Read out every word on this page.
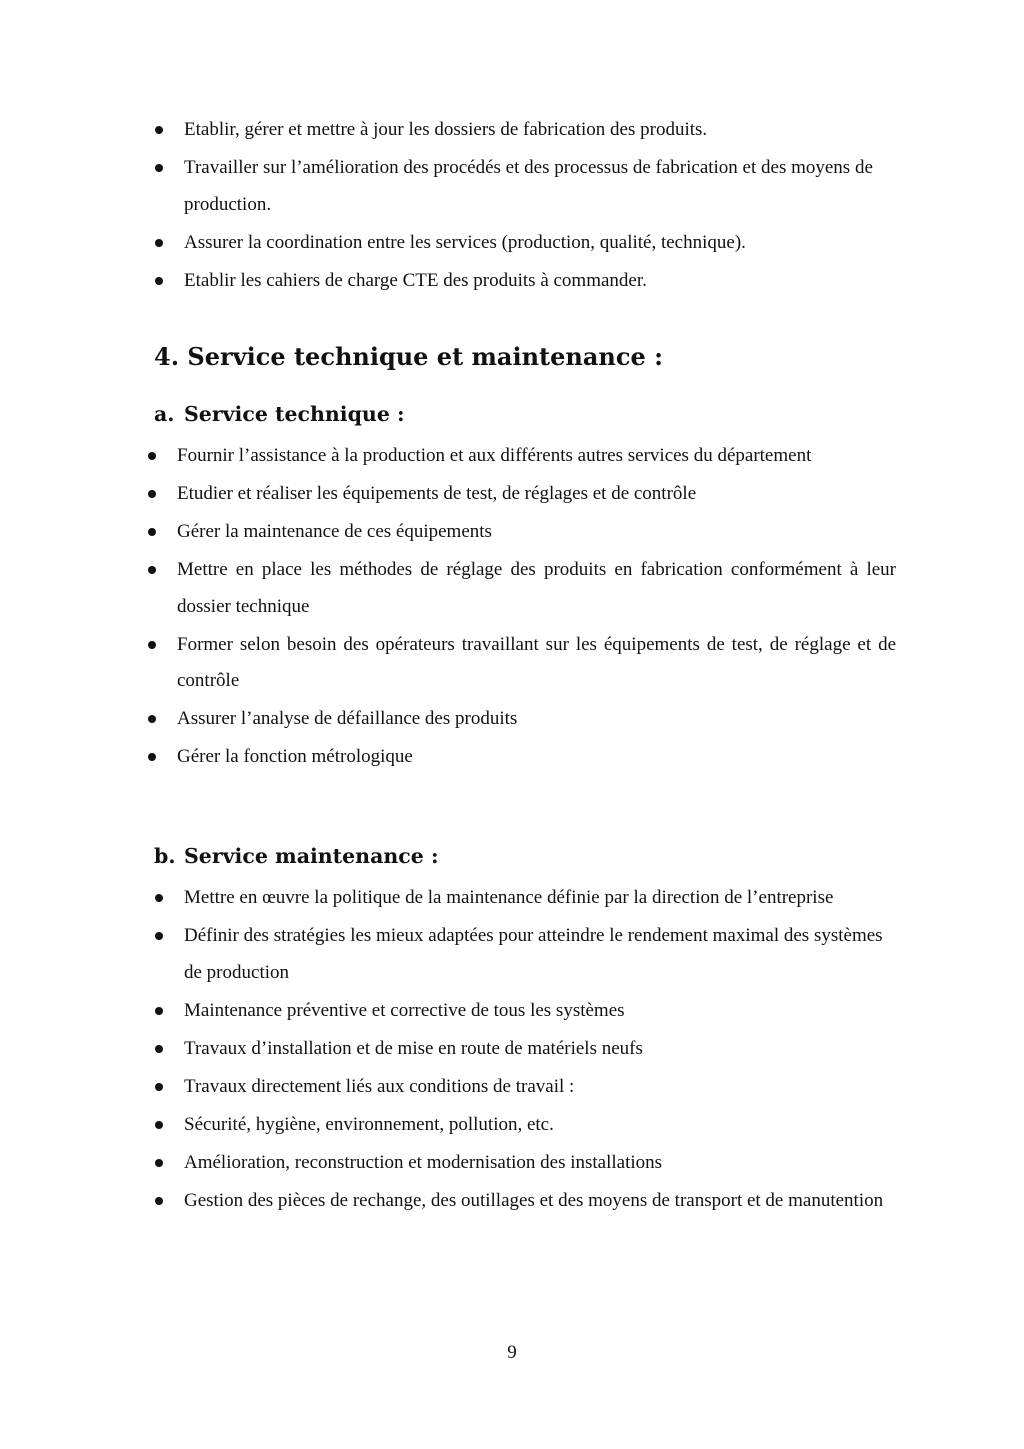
Etablir, gérer et mettre à jour les dossiers de fabrication des produits.
Travailler sur l’amélioration des procédés et des processus de fabrication et des moyens de production.
Assurer la coordination entre les services (production, qualité, technique).
Etablir les cahiers de charge CTE des produits à commander.
4. Service technique et maintenance :
a. Service technique :
Fournir l’assistance à la production et aux différents autres services du département
Etudier et réaliser les équipements de test, de réglages et de contrôle
Gérer la maintenance de ces équipements
Mettre en place les méthodes de réglage des produits en fabrication conformément à leur dossier technique
Former selon besoin des opérateurs travaillant sur les équipements de test, de réglage et de contrôle
Assurer l’analyse de défaillance des produits
Gérer la fonction métrologique
b. Service maintenance :
Mettre en œuvre la politique de la maintenance définie par la direction de l’entreprise
Définir des stratégies les mieux adaptées pour atteindre le rendement maximal des systèmes de production
Maintenance préventive et corrective de tous les systèmes
Travaux d’installation et de mise en route de matériels neufs
Travaux directement liés aux conditions de travail :
Sécurité, hygiène, environnement, pollution, etc.
Amélioration, reconstruction et modernisation des installations
Gestion des pièces de rechange, des outillages et des moyens de transport et de manutention
9
